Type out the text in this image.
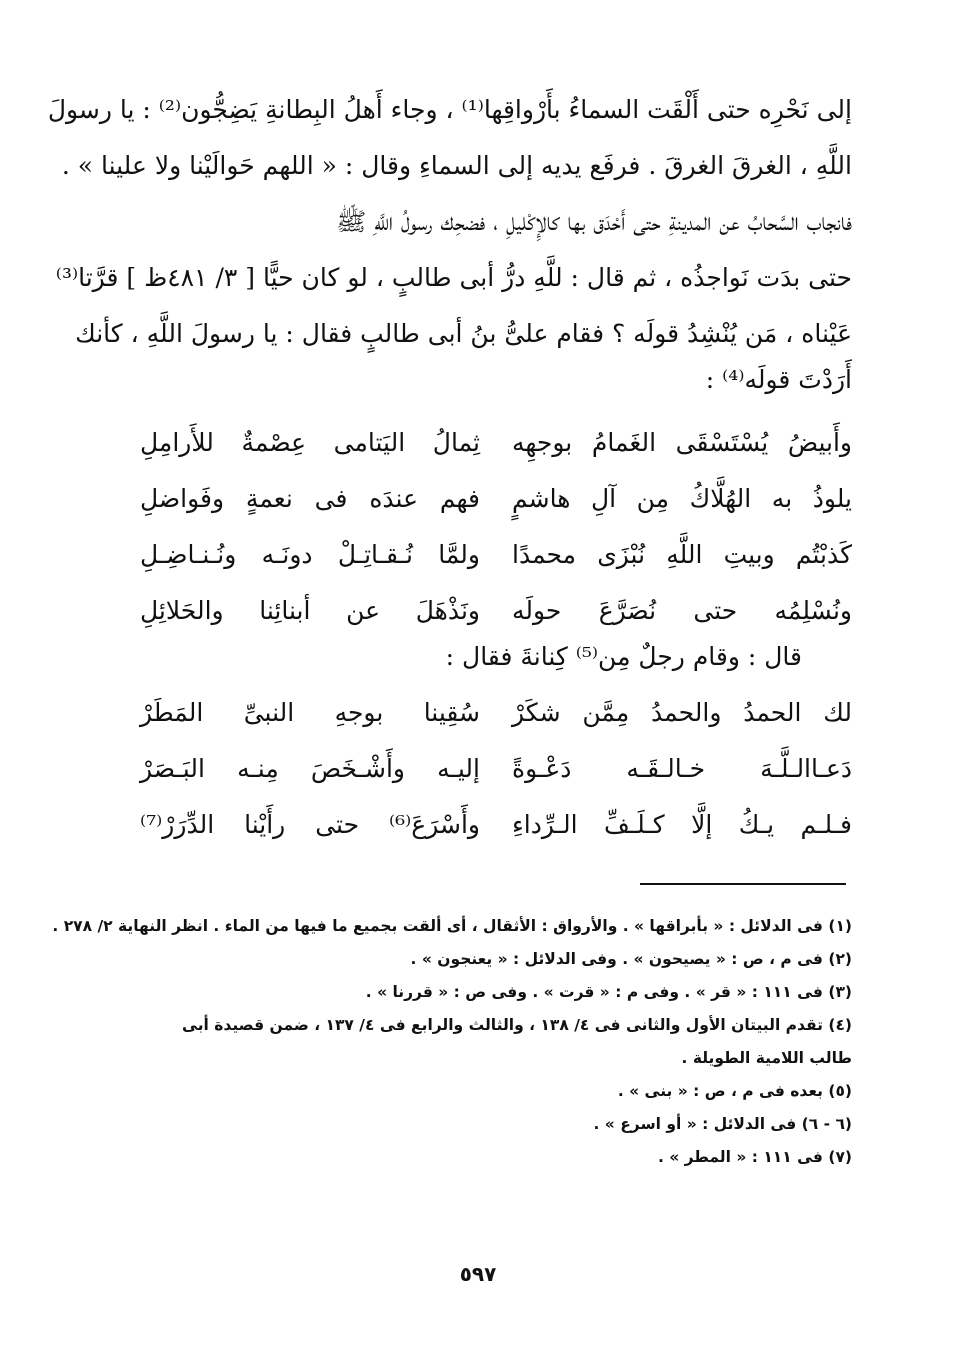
إلى نَحْرِه حتى أَلْقَت السماءُ بأَرْواقِها⁽¹⁾ ، وجاء أَهلُ البِطانةِ يَضِجُّون⁽²⁾ : يا رسولَ
اللَّهِ ، الغرقَ الغرقَ . فرفَع يديه إلى السماءِ وقال : « اللهم حَوالَيْنا ولا علينا » .
فانجاب السَّحابُ عن المدينةِ حتى أَحْدَق بها كالإِكْليلِ ، فضحِك رسولُ اللَّهِ ﷺ
حتى بدَت نَواجذُه ، ثم قال : للَّهِ درُّ أبى طالبٍ ، لو كان حيًّا [ ٣/ ٤٨١ظ ] قرَّتا⁽³⁾
عَيْناه ، مَن يُنْشِدُ قولَه ؟ فقام علىُّ بنُ أبى طالبٍ فقال : يا رسولَ اللَّهِ ، كأنك
أَرَدْتَ قولَه⁽⁴⁾ :
وأَبيضُ يُسْتَسْقَى الغَمامُ بوجهِه
ثِمالُ اليَتامى عِصْمةٌ للأَرامِلِ
يلوذُ به الهُلَّاكُ مِن آلِ هاشمٍ
فهم عندَه فى نعمةٍ وفَواضلِ
كَذبْتُم وبيتِ اللَّهِ نُبْزَى محمدًا
ولمَّا نُـقـاتِـلْ دونَـه ونُـنـاضِـلِ
ونُسْلِمُه حتى نُصَرَّعَ حولَه
ونَذْهَلَ عن أبنائِنا والحَلائِلِ
قال : وقام رجلٌ مِن⁽⁵⁾ كِنانةَ فقال :
لك الحمدُ والحمدُ مِمَّن شكَرْ
سُقِينا بوجهِ النبىِّ المَطَرْ
دَعـاالـلَّـهَ خـالـقَـه دَعْـوةً
إليـه وأَشْـخَصَ مِنـه البَـصَرْ
فـلـم يـكُ إلَّا كـلَـفِّ الـرِّداءِ
وأَسْرَعَ⁽⁶⁾ حتى رأَيْنا الدِّرَرْ⁽⁷⁾
(١) فى الدلائل : « بأبراقها » . والأرواق : الأثقال ، أى ألقت بجميع ما فيها من الماء . انظر النهاية ٢/ ٢٧٨ .
(٢) فى م ، ص : « يصيحون » . وفى الدلائل : « يعنجون » .
(٣) فى ١١١ : « قر » . وفى م : « قرت » . وفى ص : « قررنا » .
(٤) تقدم البيتان الأول والثانى فى ٤/ ١٣٨ ، والثالث والرابع فى ٤/ ١٣٧ ، ضمن قصيدة أبى طالب اللامية الطويلة .
(٥) بعده فى م ، ص : « بنى » .
(٦ - ٦) فى الدلائل : « أو اسرع » .
(٧) فى ١١١ : « المطر » .
٥٩٧
